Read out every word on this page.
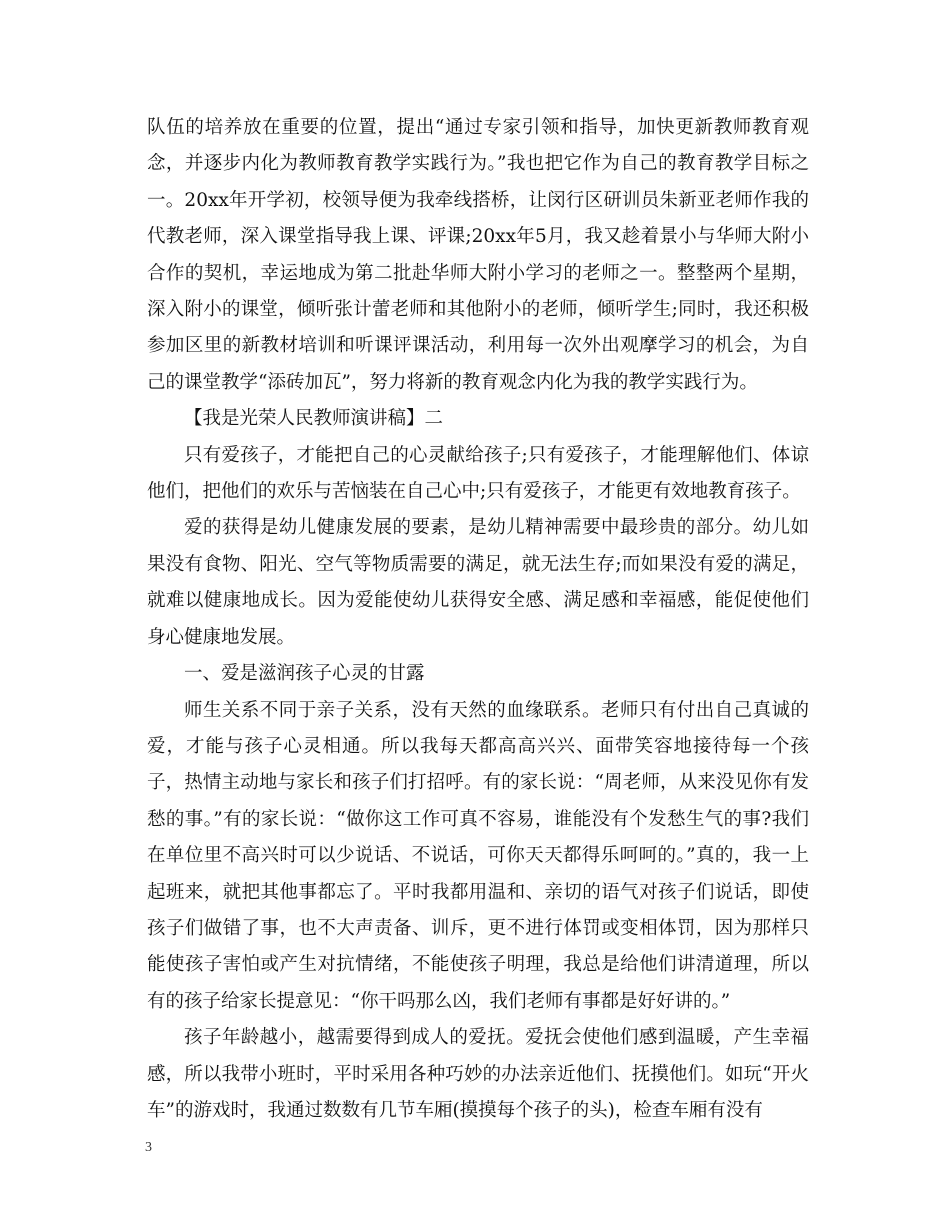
队伍的培养放在重要的位置，提出“通过专家引领和指导，加快更新教师教育观念，并逐步内化为教师教育教学实践行为。”我也把它作为自己的教育教学目标之一。20xx年开学初，校领导便为我牵线搭桥，让闵行区研训员朱新亚老师作我的代教老师，深入课堂指导我上课、评课;20xx年5月，我又趁着景小与华师大附小合作的契机，幸运地成为第二批赴华师大附小学习的老师之一。整整两个星期，深入附小的课堂，倾听张计蕾老师和其他附小的老师，倾听学生;同时，我还积极参加区里的新教材培训和听课评课活动，利用每一次外出观摩学习的机会，为自己的课堂教学“添砖加瓦”，努力将新的教育观念内化为我的教学实践行为。

【我是光荣人民教师演讲稿】二

只有爱孩子，才能把自己的心灵献给孩子;只有爱孩子，才能理解他们、体谅他们，把他们的欢乐与苦恼装在自己心中;只有爱孩子，才能更有效地教育孩子。

爱的获得是幼儿健康发展的要素，是幼儿精神需要中最珍贵的部分。幼儿如果没有食物、阳光、空气等物质需要的满足，就无法生存;而如果没有爱的满足，就难以健康地成长。因为爱能使幼儿获得安全感、满足感和幸福感，能促使他们身心健康地发展。

一、爱是滋润孩子心灵的甘露

师生关系不同于亲子关系，没有天然的血缘联系。老师只有付出自己真诚的爱，才能与孩子心灵相通。所以我每天都高高兴兴、面带笑容地接待每一个孩子，热情主动地与家长和孩子们打招呼。有的家长说：“周老师，从来没见你有发愁的事。”有的家长说：“做你这工作可真不容易，谁能没有个发愁生气的事?我们在单位里不高兴时可以少说话、不说话，可你天天都得乐呵呵的。”真的，我一上起班来，就把其他事都忘了。平时我都用温和、亲切的语气对孩子们说话，即使孩子们做错了事，也不大声责备、训斥，更不进行体罚或变相体罚，因为那样只能使孩子害怕或产生对抗情绪，不能使孩子明理，我总是给他们讲清道理，所以有的孩子给家长提意见：“你干吗那么凶，我们老师有事都是好好讲的。”

孩子年龄越小，越需要得到成人的爱抚。爱抚会使他们感到温暖，产生幸福感，所以我带小班时，平时采用各种巧妙的办法亲近他们、抚摸他们。如玩“开火车”的游戏时，我通过数数有几节车厢(摸摸每个孩子的头)，检查车厢有没有

3
